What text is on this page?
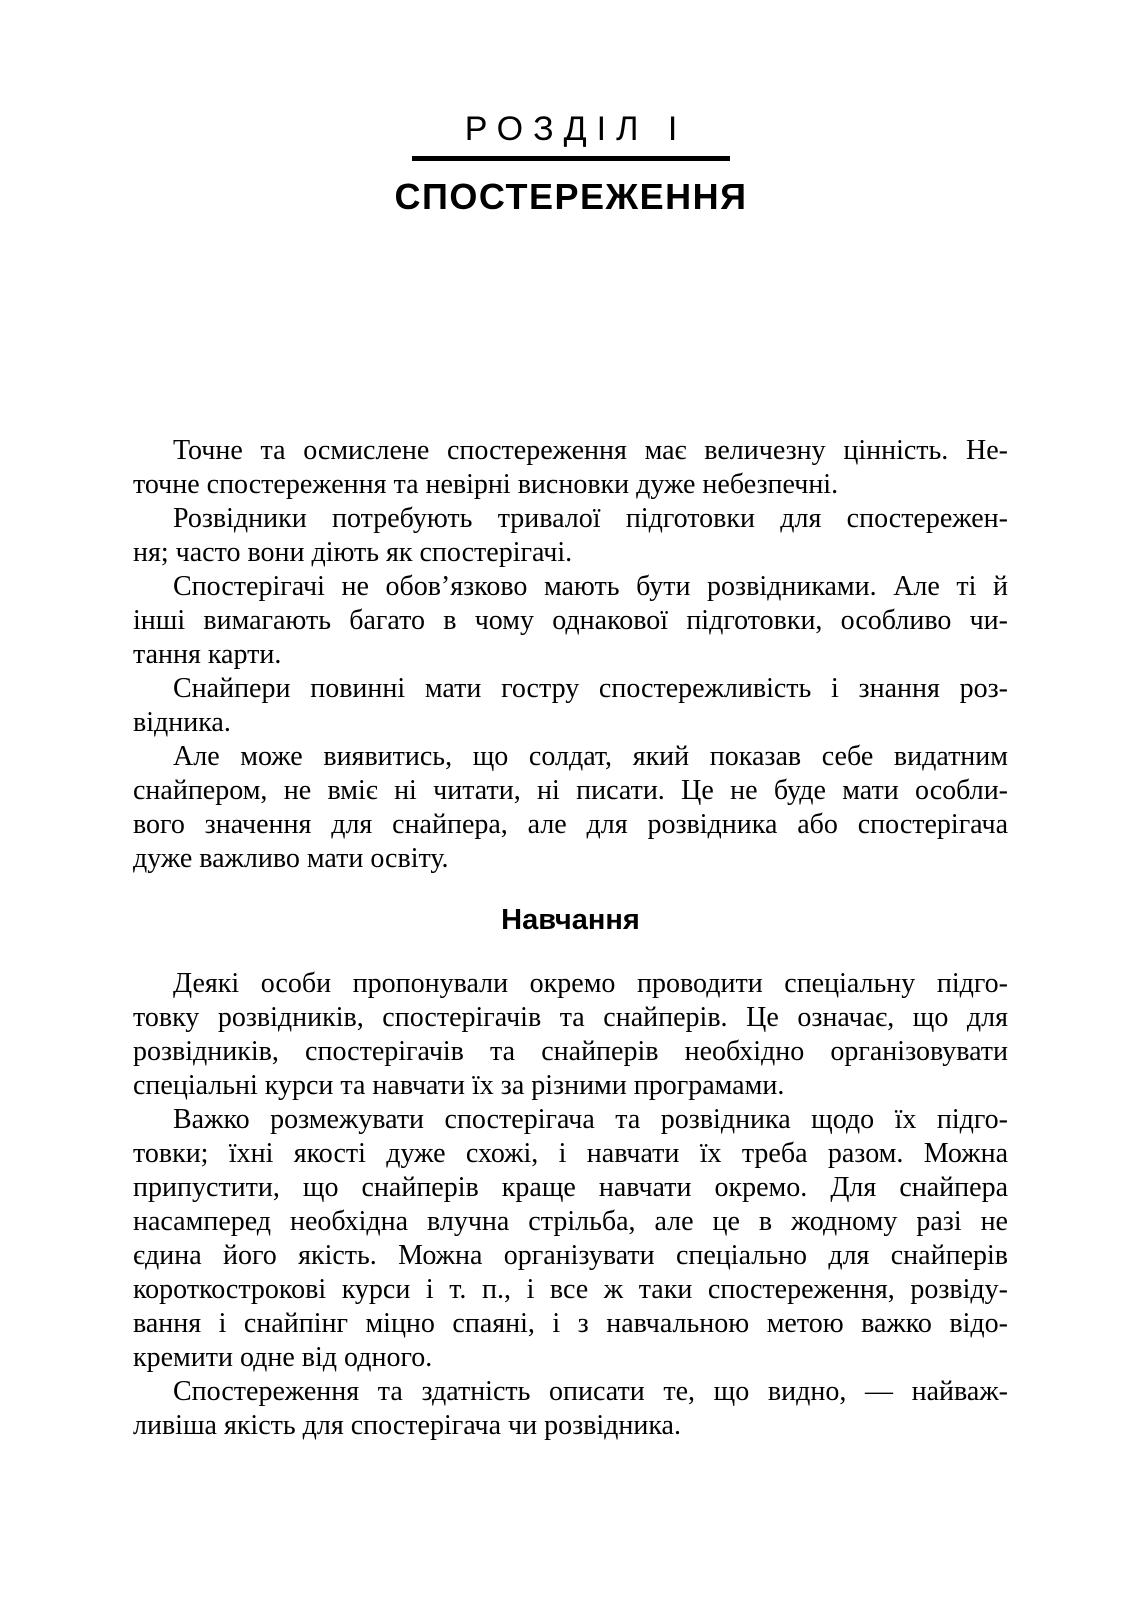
РОЗДІЛ І
СПОСТЕРЕЖЕННЯ

Точне та осмислене спостереження має величезну цінність. Не-
точне спостереження та невірні висновки дуже небезпечні.

Розвідники потребують тривалої підготовки для спостережен-
ня; часто вони діють як спостерігачі.

Спостерігачі не обов’язково мають бути розвідниками. Але ті й
інші вимагають багато в чому однакової підготовки, особливо чи-
тання карти.

Снайпери повинні мати гостру спостережливість і знання роз-
відника.

Але може виявитись, що солдат, який показав себе видатним
снайпером, не вміє ні читати, ні писати. Це не буде мати особли-
вого значення для снайпера, але для розвідника або спостерігача
дуже важливо мати освіту.

Навчання

Деякі особи пропонували окремо проводити спеціальну підго-
товку розвідників, спостерігачів та снайперів. Це означає, що для
розвідників, спостерігачів та снайперів необхідно організовувати
спеціальні курси та навчати їх за різними програмами.

Важко розмежувати спостерігача та розвідника щодо їх підго-
товки; їхні якості дуже схожі, і навчати їх треба разом. Можна
припустити, що снайперів краще навчати окремо. Для снайпера
насамперед необхідна влучна стрільба, але це в жодному разі не
єдина його якість. Можна організувати спеціально для снайперів
короткострокові курси і т. п., і все ж таки спостереження, розвіду-
вання і снайпінг міцно спаяні, і з навчальною метою важко відо-
кремити одне від одного.

Спостереження та здатність описати те, що видно, — найваж-
ливіша якість для спостерігача чи розвідника.
